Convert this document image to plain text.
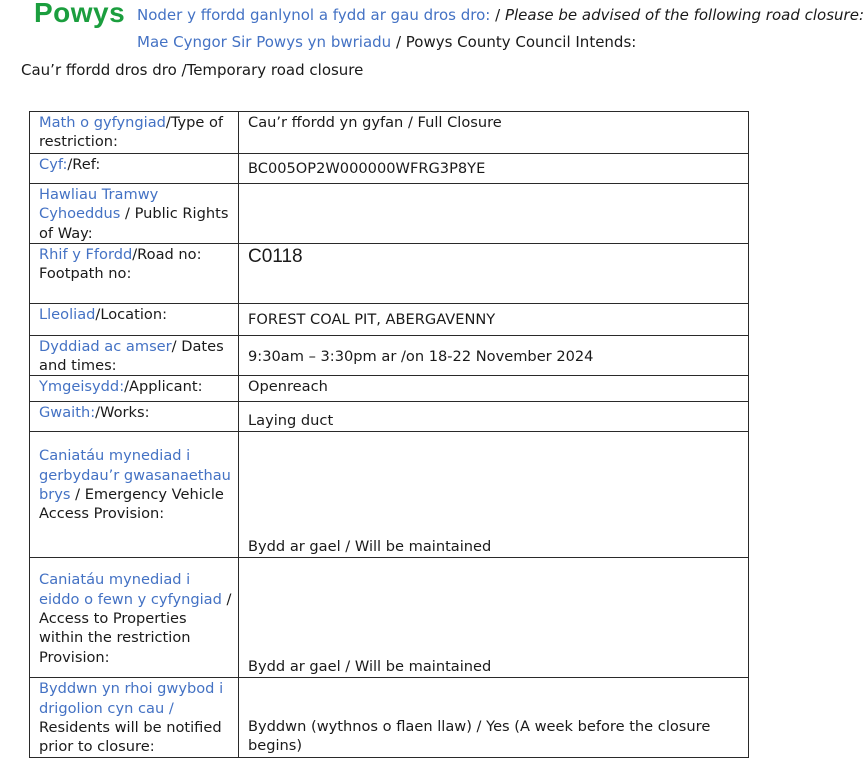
Powys Noder y ffordd ganlynol a fydd ar gau dros dro: / Please be advised of the following road closure:
Mae Cyngor Sir Powys yn bwriadu / Powys County Council Intends:
Cau’r ffordd dros dro /Temporary road closure
Math o gyfyngiad/Type of restriction:	Cau’r ffordd yn gyfan / Full Closure
Cyf:/Ref:	BC005OP2W000000WFRG3P8YE
Hawliau Tramwy Cyhoeddus / Public Rights of Way:	
Rhif y Ffordd/Road no: Footpath no:	C0118
Lleoliad/Location:	FOREST COAL PIT, ABERGAVENNY
Dyddiad ac amser/ Dates and times:	9:30am – 3:30pm ar /on 18-22 November 2024
Ymgeisydd:/Applicant:	Openreach
Gwaith:/Works:	Laying duct
Caniatáu mynediad i gerbydau’r gwasanaethau brys / Emergency Vehicle Access Provision:	Bydd ar gael / Will be maintained
Caniatáu mynediad i eiddo o fewn y cyfyngiad / Access to Properties within the restriction Provision:	Bydd ar gael / Will be maintained
Byddwn yn rhoi gwybod i drigolion cyn cau / Residents will be notified prior to closure:	Byddwn (wythnos o flaen llaw) / Yes (A week before the closure begins)
